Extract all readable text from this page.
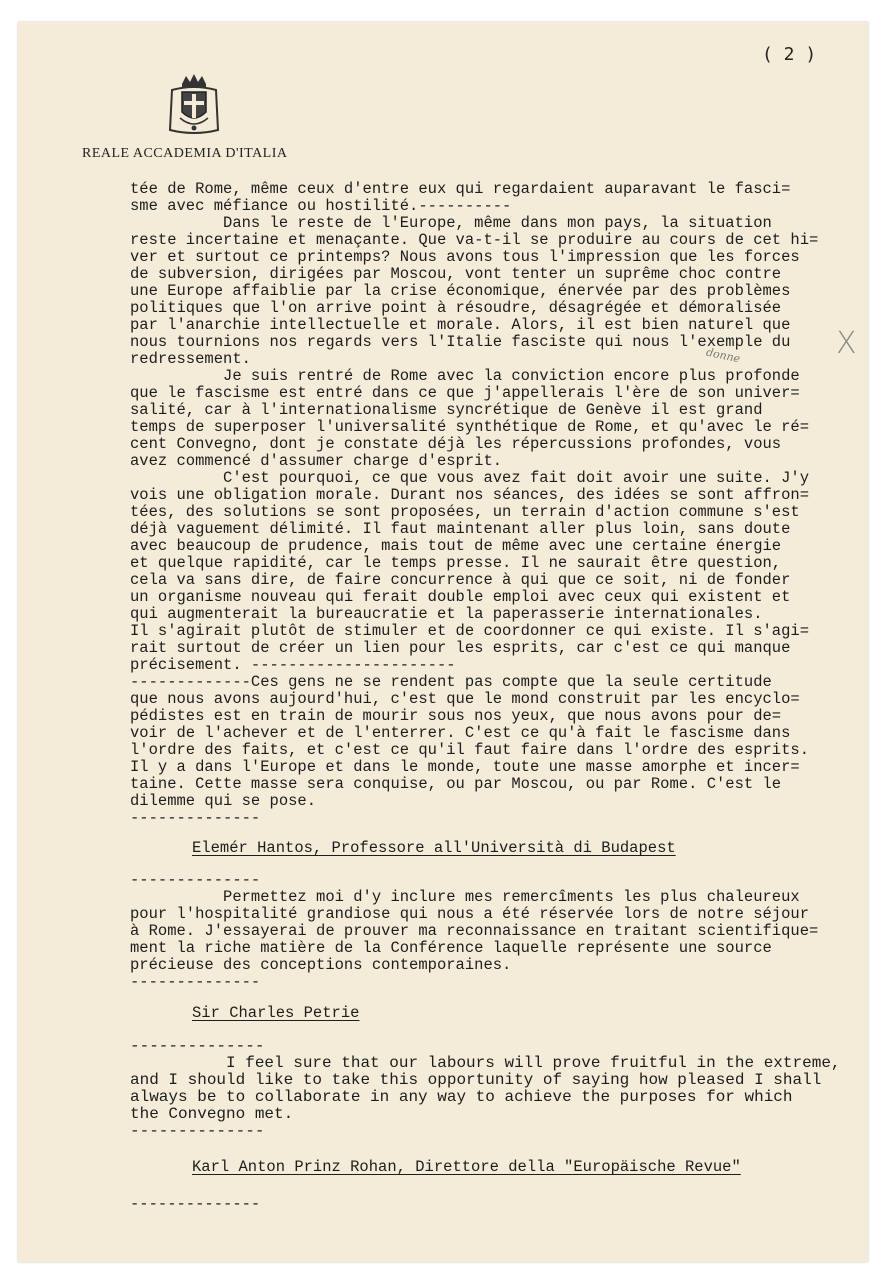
( 2 )
REALE ACCADEMIA D'ITALIA
tée de Rome, même ceux d'entre eux qui regardaient auparavant le fasci=
sme avec méfiance ou hostilité.----------
Dans le reste de l'Europe, même dans mon pays, la situation
reste incertaine et menaçante. Que va-t-il se produire au cours de cet hi=
ver et surtout ce printemps? Nous avons tous l'impression que les forces
de subversion, dirigées par Moscou, vont tenter un suprême choc contre
une Europe affaiblie par la crise économique, énervée par des problèmes
politiques que l'on arrive point à résoudre, désagrégée et démoralisée
par l'anarchie intellectuelle et morale. Alors, il est bien naturel que
nous tournions nos regards vers l'Italie fasciste qui nous l'exemple du
redressement.
Je suis rentré de Rome avec la conviction encore plus profonde
que le fascisme est entré dans ce que j'appellerais l'ère de son univer=
salité, car à l'internationalisme syncrétique de Genève il est grand
temps de superposer l'universalité synthétique de Rome, et qu'avec le ré=
cent Convegno, dont je constate déjà les répercussions profondes, vous
avez commencé d'assumer charge d'esprit.
C'est pourquoi, ce que vous avez fait doit avoir une suite. J'y
vois une obligation morale. Durant nos séances, des idées se sont affron=
tées, des solutions se sont proposées, un terrain d'action commune s'est
déjà vaguement délimité. Il faut maintenant aller plus loin, sans doute
avec beaucoup de prudence, mais tout de même avec une certaine énergie
et quelque rapidité, car le temps presse. Il ne saurait être question,
cela va sans dire, de faire concurrence à qui que ce soit, ni de fonder
un organisme nouveau qui ferait double emploi avec ceux qui existent et
qui augmenterait la bureaucratie et la paperasserie internationales.
Il s'agirait plutôt de stimuler et de coordonner ce qui existe. Il s'agi=
rait surtout de créer un lien pour les esprits, car c'est ce qui manque
précisement. ----------------------
-------------Ces gens ne se rendent pas compte que la seule certitude
que nous avons aujourd'hui, c'est que le mond construit par les encyclo=
pédistes est en train de mourir sous nos yeux, que nous avons pour de=
voir de l'achever et de l'enterrer. C'est ce qu'à fait le fascisme dans
l'ordre des faits, et c'est ce qu'il faut faire dans l'ordre des esprits.
Il y a dans l'Europe et dans le monde, toute une masse amorphe et incer=
taine. Cette masse sera conquise, ou par Moscou, ou par Rome. C'est le
dilemme qui se pose.
--------------
donne	X
Elemér Hantos, Professore all'Università di Budapest
--------------
Permettez moi d'y inclure mes remercîments les plus chaleureux
pour l'hospitalité grandiose qui nous a été réservée lors de notre séjour
à Rome. J'essayerai de prouver ma reconnaissance en traitant scientifique=
ment la riche matière de la Conférence laquelle représente une source
précieuse des conceptions contemporaines.
--------------
Sir Charles Petrie
--------------
I feel sure that our labours will prove fruitful in the extreme,
and I should like to take this opportunity of saying how pleased I shall
always be to collaborate in any way to achieve the purposes for which
the Convegno met.
--------------
Karl Anton Prinz Rohan, Direttore della "Europäische Revue"
--------------
